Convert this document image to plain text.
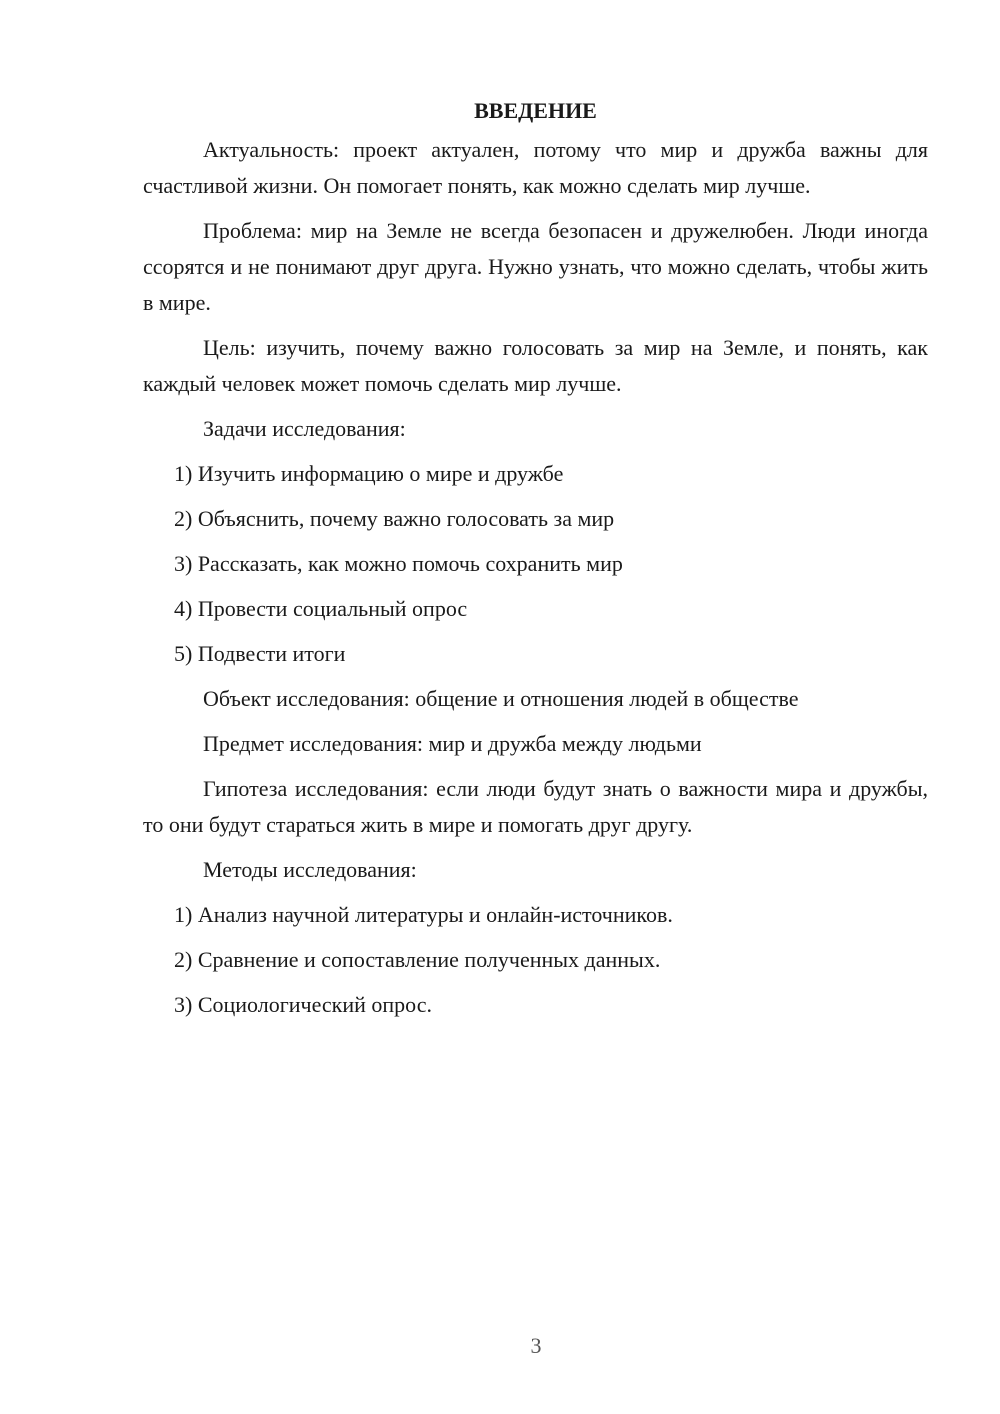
ВВЕДЕНИЕ

Актуальность: проект актуален, потому что мир и дружба важны для счастливой жизни. Он помогает понять, как можно сделать мир лучше.

Проблема: мир на Земле не всегда безопасен и дружелюбен. Люди иногда ссорятся и не понимают друг друга. Нужно узнать, что можно сделать, чтобы жить в мире.

Цель: изучить, почему важно голосовать за мир на Земле, и понять, как каждый человек может помочь сделать мир лучше.

Задачи исследования:
1) Изучить информацию о мире и дружбе
2) Объяснить, почему важно голосовать за мир
3) Рассказать, как можно помочь сохранить мир
4) Провести социальный опрос
5) Подвести итоги
Объект исследования: общение и отношения людей в обществе
Предмет исследования: мир и дружба между людьми

Гипотеза исследования: если люди будут знать о важности мира и дружбы, то они будут стараться жить в мире и помогать друг другу.

Методы исследования:
1) Анализ научной литературы и онлайн-источников.
2) Сравнение и сопоставление полученных данных.
3) Социологический опрос.
3
